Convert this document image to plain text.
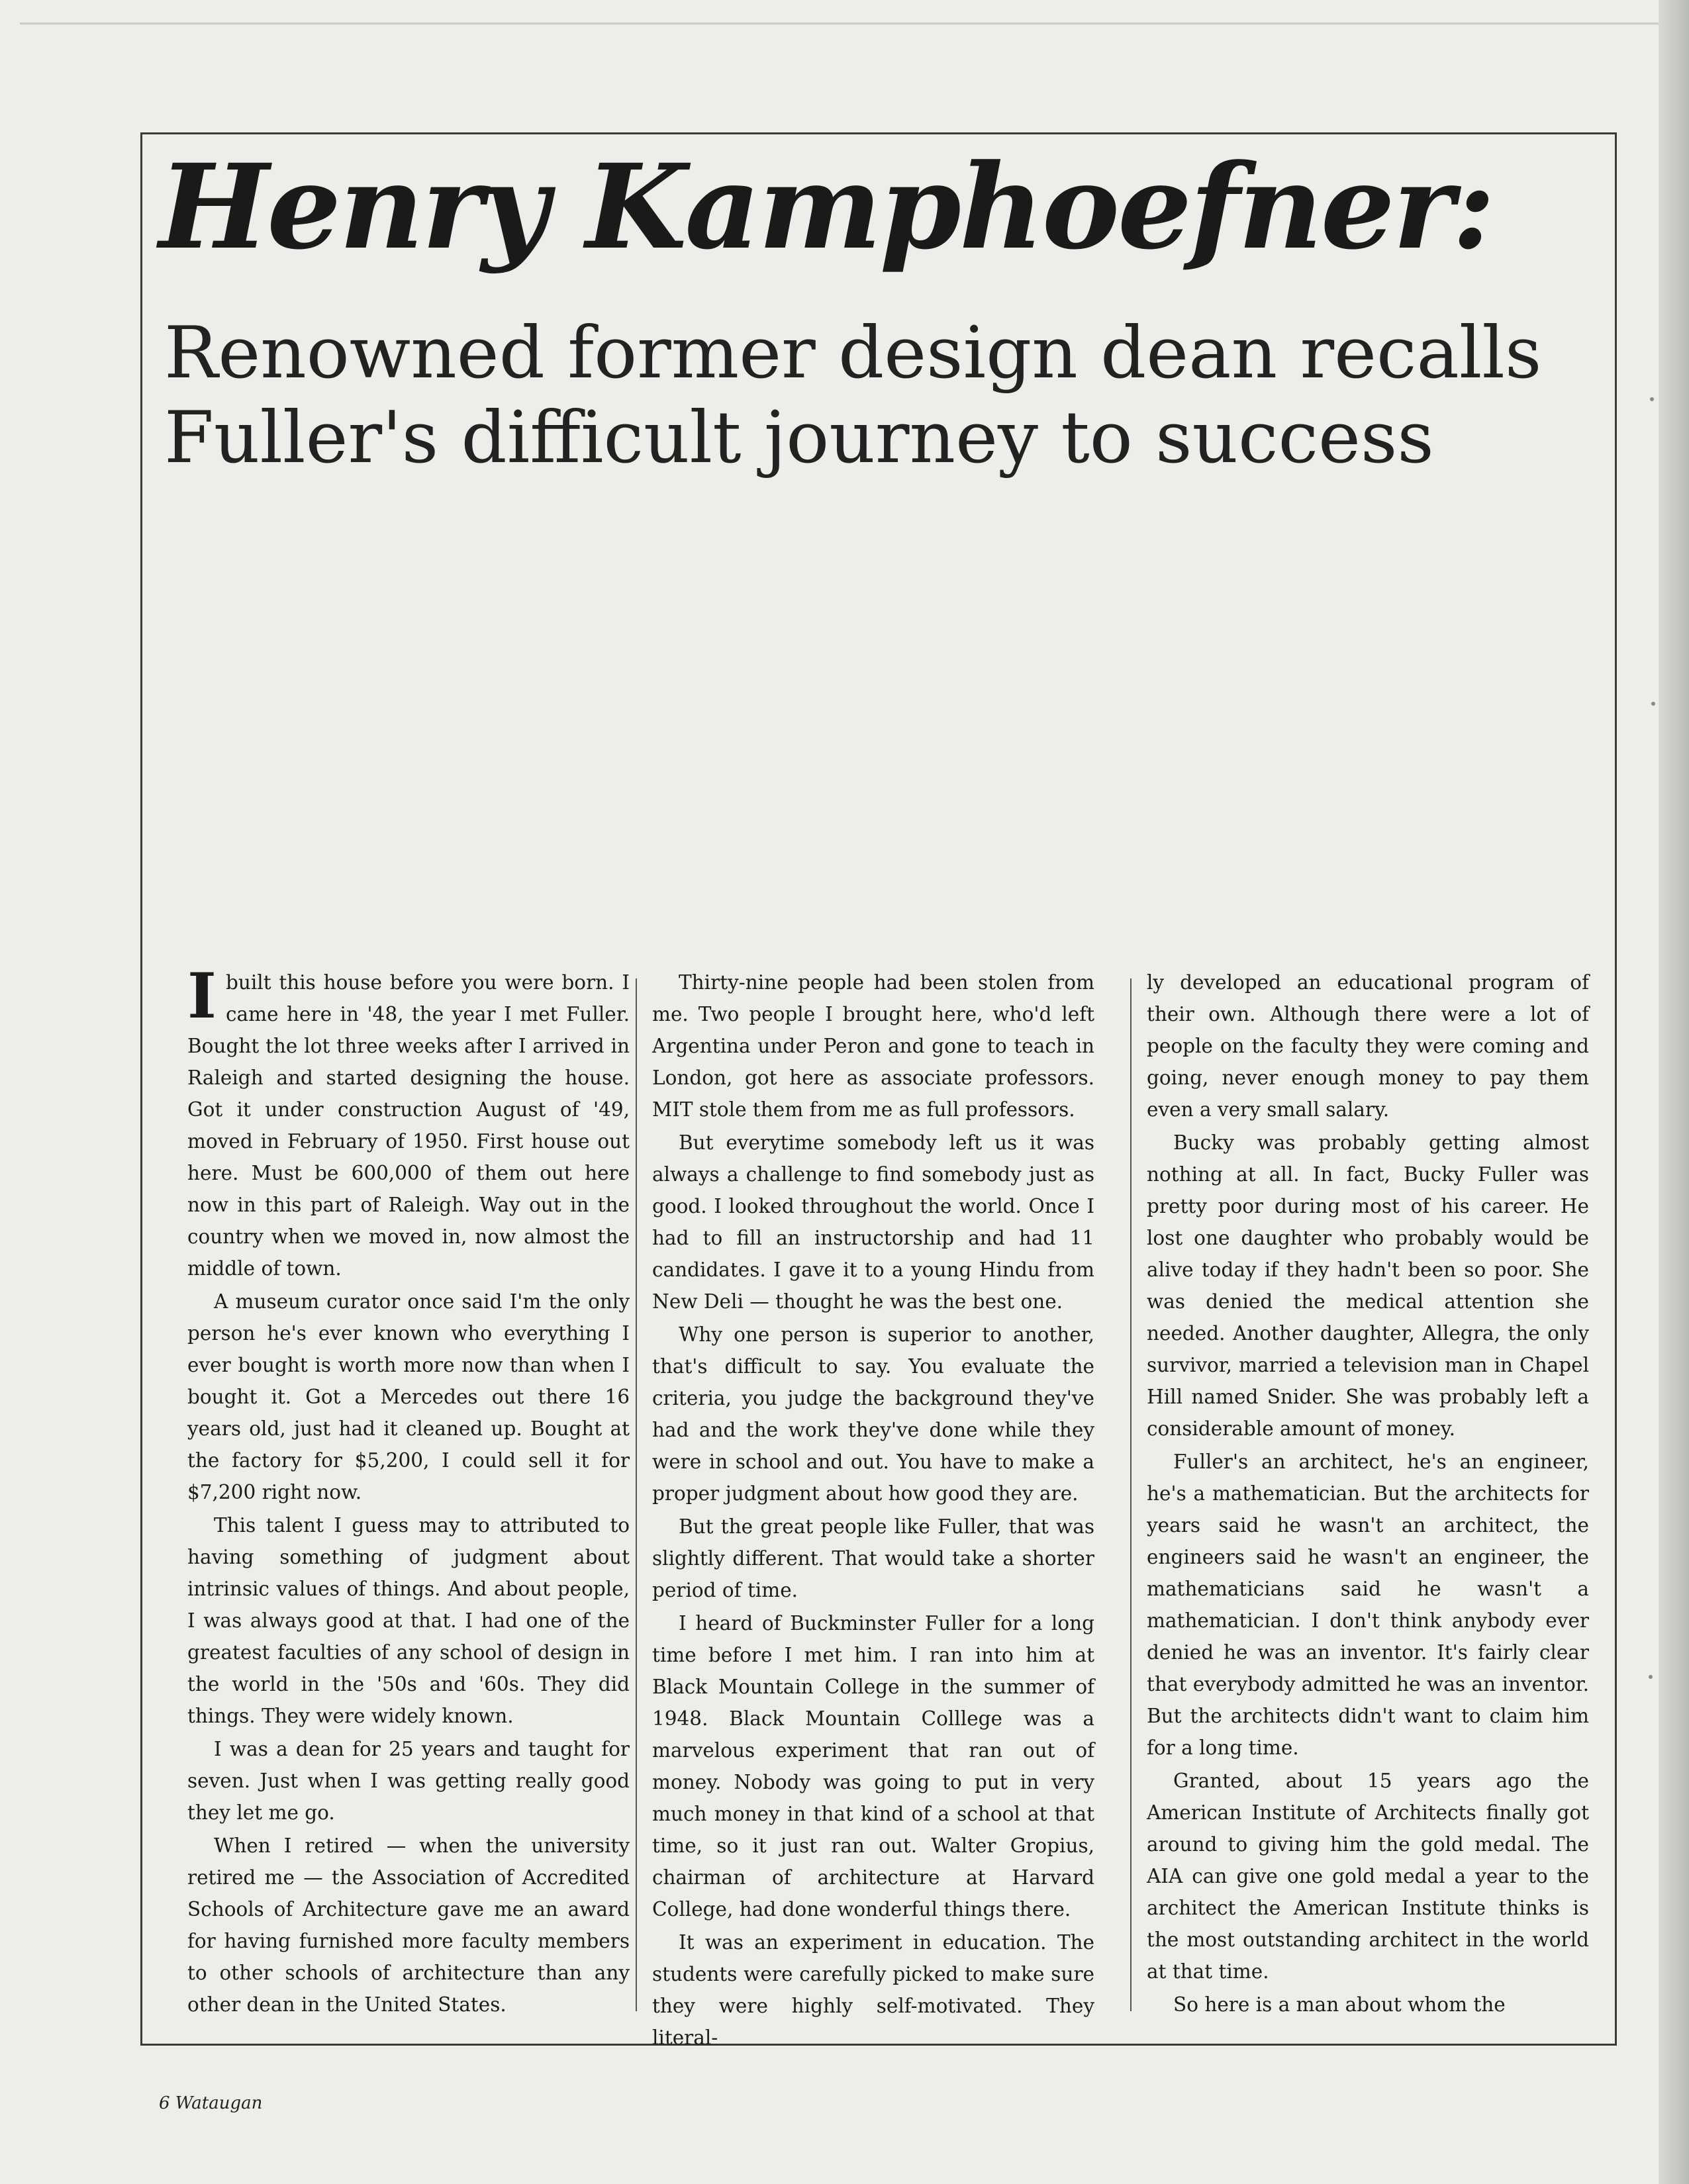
Henry Kamphoefner:
Renowned former design dean recalls Fuller's difficult journey to success

I built this house before you were born. I came here in '48, the year I met Fuller. Bought the lot three weeks after I arrived in Raleigh and started designing the house. Got it under construction August of '49, moved in February of 1950. First house out here. Must be 600,000 of them out here now in this part of Raleigh. Way out in the country when we moved in, now almost the middle of town.

A museum curator once said I'm the only person he's ever known who everything I ever bought is worth more now than when I bought it. Got a Mercedes out there 16 years old, just had it cleaned up. Bought at the factory for $5,200, I could sell it for $7,200 right now.

This talent I guess may to attributed to having something of judgment about intrinsic values of things. And about people, I was always good at that. I had one of the greatest faculties of any school of design in the world in the '50s and '60s. They did things. They were widely known.

I was a dean for 25 years and taught for seven. Just when I was getting really good they let me go.

When I retired — when the university retired me — the Association of Accredited Schools of Architecture gave me an award for having furnished more faculty members to other schools of architecture than any other dean in the United States.

Thirty-nine people had been stolen from me. Two people I brought here, who'd left Argentina under Peron and gone to teach in London, got here as associate professors. MIT stole them from me as full professors.

But everytime somebody left us it was always a challenge to find somebody just as good. I looked throughout the world. Once I had to fill an instructorship and had 11 candidates. I gave it to a young Hindu from New Deli — thought he was the best one.

Why one person is superior to another, that's difficult to say. You evaluate the criteria, you judge the background they've had and the work they've done while they were in school and out. You have to make a proper judgment about how good they are.

But the great people like Fuller, that was slightly different. That would take a shorter period of time.

I heard of Buckminster Fuller for a long time before I met him. I ran into him at Black Mountain College in the summer of 1948. Black Mountain Colllege was a marvelous experiment that ran out of money. Nobody was going to put in very much money in that kind of a school at that time, so it just ran out. Walter Gropius, chairman of architecture at Harvard College, had done wonderful things there.

It was an experiment in education. The students were carefully picked to make sure they were highly self-motivated. They literal-

ly developed an educational program of their own. Although there were a lot of people on the faculty they were coming and going, never enough money to pay them even a very small salary.

Bucky was probably getting almost nothing at all. In fact, Bucky Fuller was pretty poor during most of his career. He lost one daughter who probably would be alive today if they hadn't been so poor. She was denied the medical attention she needed. Another daughter, Allegra, the only survivor, married a television man in Chapel Hill named Snider. She was probably left a considerable amount of money.

Fuller's an architect, he's an engineer, he's a mathematician. But the architects for years said he wasn't an architect, the engineers said he wasn't an engineer, the mathematicians said he wasn't a mathematician. I don't think anybody ever denied he was an inventor. It's fairly clear that everybody admitted he was an inventor. But the architects didn't want to claim him for a long time.

Granted, about 15 years ago the American Institute of Architects finally got around to giving him the gold medal. The AIA can give one gold medal a year to the architect the American Institute thinks is the most outstanding architect in the world at that time.

So here is a man about whom the

6 Wataugan
